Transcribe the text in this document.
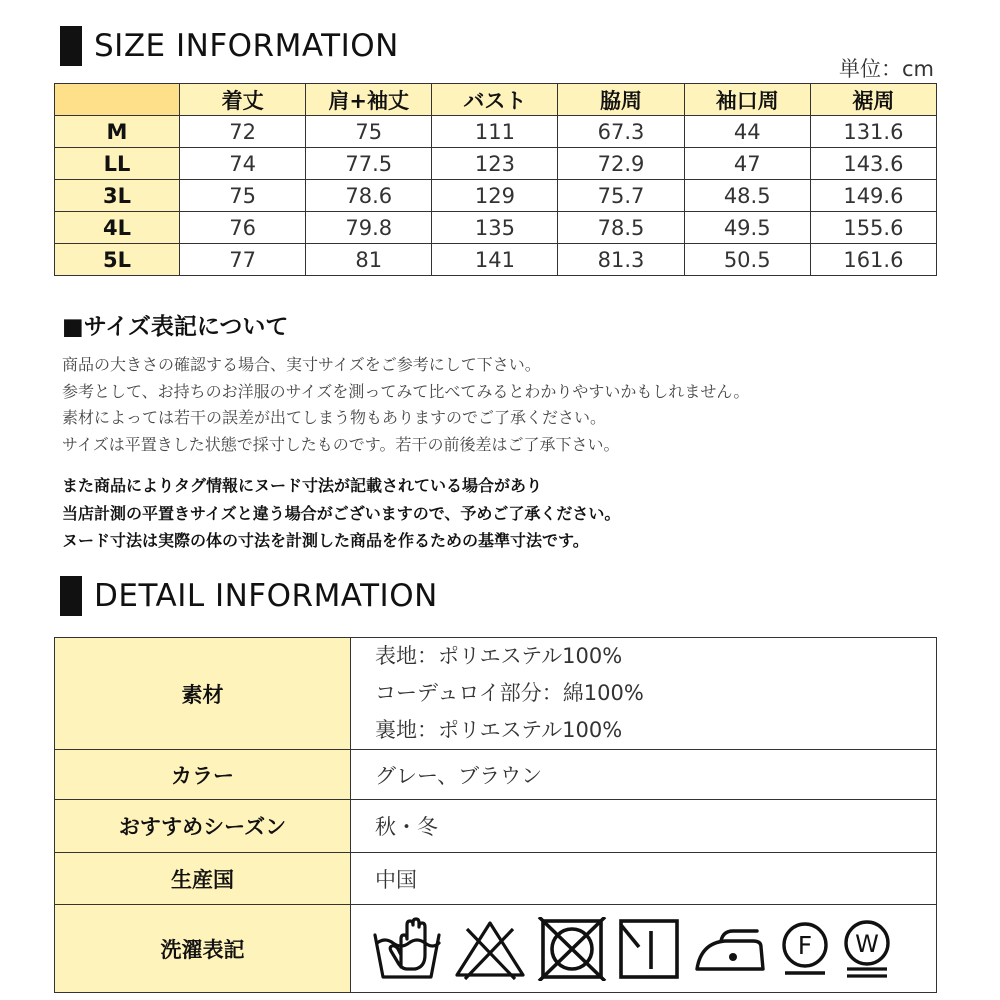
SIZE INFORMATION
単位：cm
	着丈	肩+袖丈	バスト	脇周	袖口周	裾周
M	72	75	111	67.3	44	131.6
LL	74	77.5	123	72.9	47	143.6
3L	75	78.6	129	75.7	48.5	149.6
4L	76	79.8	135	78.5	49.5	155.6
5L	77	81	141	81.3	50.5	161.6
■サイズ表記について
商品の大きさの確認する場合、実寸サイズをご参考にして下さい。
参考として、お持ちのお洋服のサイズを測ってみて比べてみるとわかりやすいかもしれません。
素材によっては若干の誤差が出てしまう物もありますのでご了承ください。
サイズは平置きした状態で採寸したものです。若干の前後差はご了承下さい。
また商品によりタグ情報にヌード寸法が記載されている場合があり
当店計測の平置きサイズと違う場合がございますので、予めご了承ください。
ヌード寸法は実際の体の寸法を計測した商品を作るための基準寸法です。
DETAIL INFORMATION
素材	表地：ポリエステル100%
コーデュロイ部分：綿100%
裏地：ポリエステル100%

カラー	グレー、ブラウン
おすすめシーズン	秋・冬
生産国	中国
洗濯表記	F W
